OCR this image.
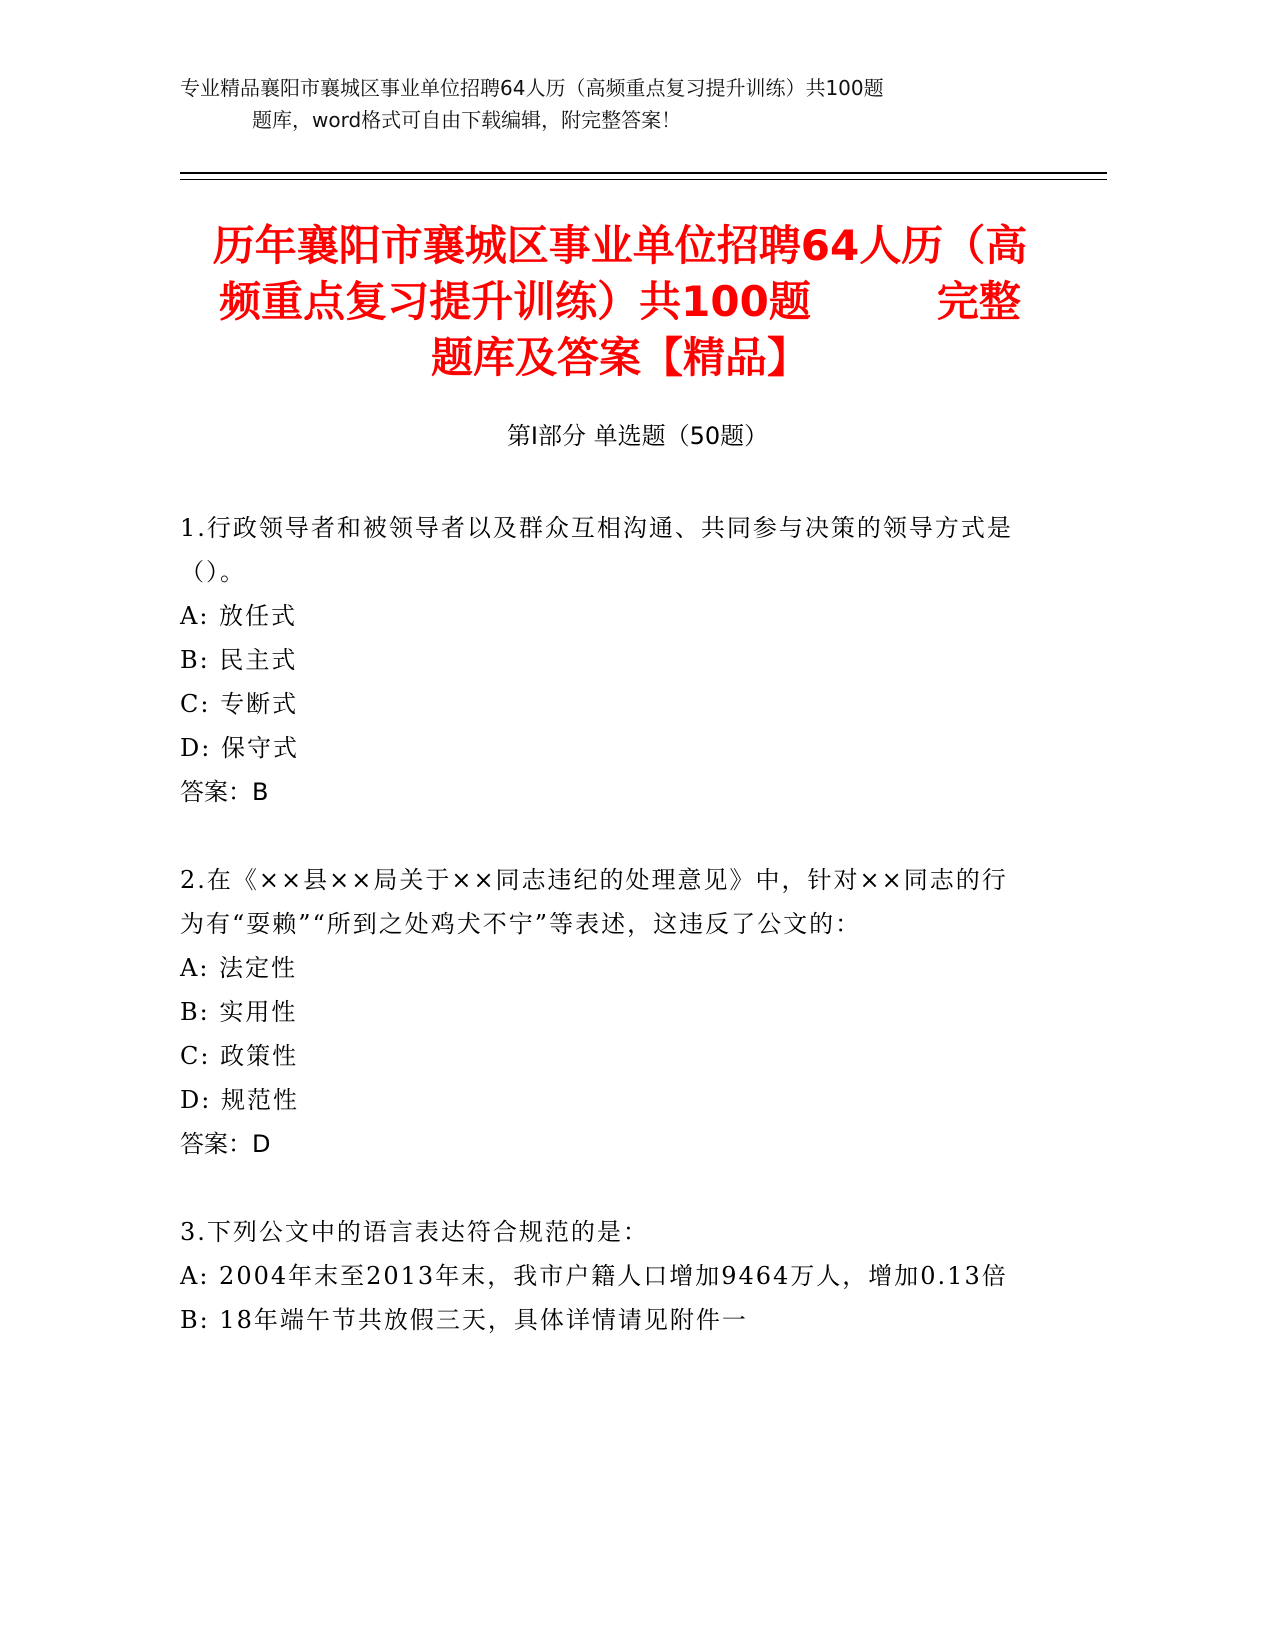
专业精品襄阳市襄城区事业单位招聘64人历（高频重点复习提升训练）共100题
题库，word格式可自由下载编辑，附完整答案！
历年襄阳市襄城区事业单位招聘64人历（高
频重点复习提升训练）共100题　　　完整
题库及答案【精品】
第Ⅰ部分 单选题（50题）
1.行政领导者和被领导者以及群众互相沟通、共同参与决策的领导方式是（）。
A: 放任式
B: 民主式
C: 专断式
D: 保守式
答案：B
2.在《××县××局关于××同志违纪的处理意见》中，针对××同志的行为有“耍赖”“所到之处鸡犬不宁”等表述，这违反了公文的：
A: 法定性
B: 实用性
C: 政策性
D: 规范性
答案：D
3.下列公文中的语言表达符合规范的是：
A: 2004年末至2013年末，我市户籍人口增加9464万人，增加0.13倍
B: 18年端午节共放假三天，具体详情请见附件一
